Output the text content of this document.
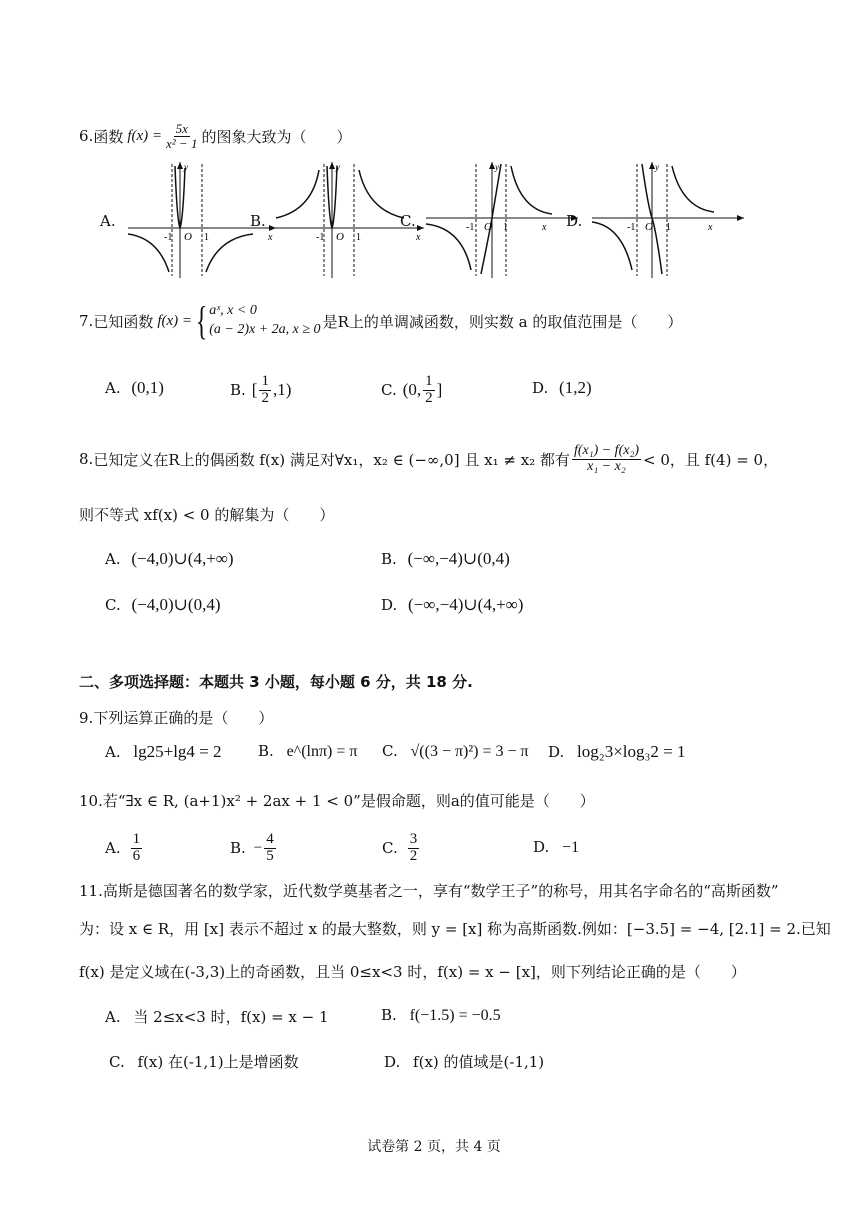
6. 函数 $f(x) = \frac{5x}{\text{x² − 1}}$ 的图象大致为（　　）
A.
-1 O 1	x
y
B.
-1 O 1	x
y
C.	-1 O 1	x
y
D.	-1 O 1	x
y
7. 已知函数 f(x) = { aˣ, x < 0
(a − 2)x + 2a, x ≥ 0 是R上的单调减函数，则实数 a 的取值范围是（　　）
A. (0,1)	B. [ $\frac{1}{2} ,1$)	C. (0, $\frac{1}{2}$ ]	D. (1,2)
8. 已知定义在R上的偶函数 f(x) 满足对∀x₁，x₂ ∈ (−∞,0] 且 x₁ ≠ x₂ 都有 $\frac{\text{f(x₁) − f(x₂)}}{\text{x₁ − x₂}} < 0$，且 f(4) = 0，
则不等式 xf(x) < 0 的解集为（　　）
A. (−4,0)∪(4,+∞)	B. (−∞,−4)∪(0,4)
C. (−4,0)∪(0,4)	D. (−∞,−4)∪(4,+∞)
二、多项选择题：本题共 3 小题，每小题 6 分，共 18 分.
9.下列运算正确的是（　　）
A. lg25+lg4 = 2 B. e^(lnπ) = π C. √((3 − π)²) = 3 − π D. log₂3×log₃2 = 1
10.若“∃x ∈ R, (a+1)x² + 2ax + 1 < 0”是假命题，则a的值可能是（　　）
A. $\frac{1}{6}$	B. − $\frac{4}{5}$	C. $\frac{3}{2}$	D. −1
11.高斯是德国著名的数学家，近代数学奠基者之一，享有“数学王子”的称号，用其名字命名的“高斯函数”
为：设 x ∈ R，用 [x] 表示不超过 x 的最大整数，则 y = [x] 称为高斯函数.例如：[−3.5] = −4, [2.1] = 2.已知
f(x) 是定义域在(-3,3)上的奇函数，且当 0≤x<3 时，f(x) = x − [x]，则下列结论正确的是（　　）
A. 当 2≤x<3 时，f(x) = x − 1	B. f(−1.5) = −0.5
C. f(x) 在(-1,1)上是增函数	D. f(x) 的值域是(-1,1)
试卷第 2 页，共 4 页
